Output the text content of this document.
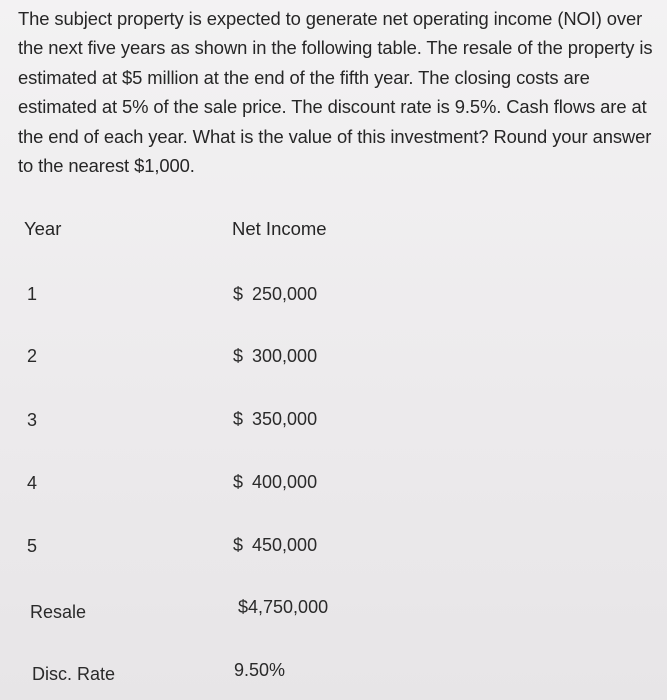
The subject property is expected to generate net operating income (NOI) over the next five years as shown in the following table. The resale of the property is estimated at $5 million at the end of the fifth year. The closing costs are estimated at 5% of the sale price. The discount rate is 9.5%. Cash flows are at the end of each year. What is the value of this investment? Round your answer to the nearest $1,000.

Year	Net Income
1	$ 250,000
2	$ 300,000
3	$ 350,000
4	$ 400,000
5	$ 450,000
Resale	$4,750,000
Disc. Rate	9.50%
